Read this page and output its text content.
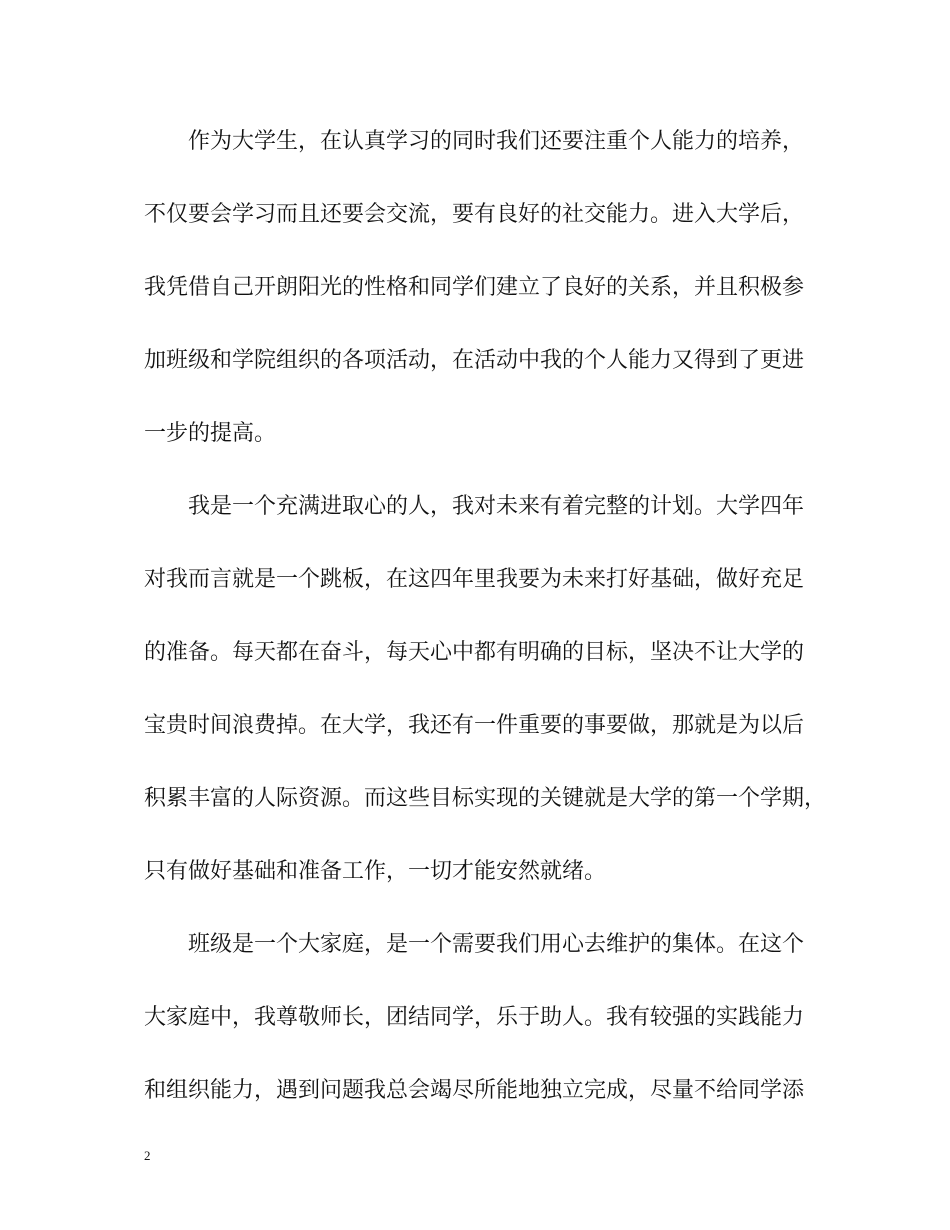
作为大学生，在认真学习的同时我们还要注重个人能力的培养，
不仅要会学习而且还要会交流，要有良好的社交能力。进入大学后，
我凭借自己开朗阳光的性格和同学们建立了良好的关系，并且积极参
加班级和学院组织的各项活动，在活动中我的个人能力又得到了更进
一步的提高。
我是一个充满进取心的人，我对未来有着完整的计划。大学四年
对我而言就是一个跳板，在这四年里我要为未来打好基础，做好充足
的准备。每天都在奋斗，每天心中都有明确的目标，坚决不让大学的
宝贵时间浪费掉。在大学，我还有一件重要的事要做，那就是为以后
积累丰富的人际资源。而这些目标实现的关键就是大学的第一个学期，
只有做好基础和准备工作，一切才能安然就绪。
班级是一个大家庭，是一个需要我们用心去维护的集体。在这个
大家庭中，我尊敬师长，团结同学，乐于助人。我有较强的实践能力
和组织能力，遇到问题我总会竭尽所能地独立完成，尽量不给同学添
2
